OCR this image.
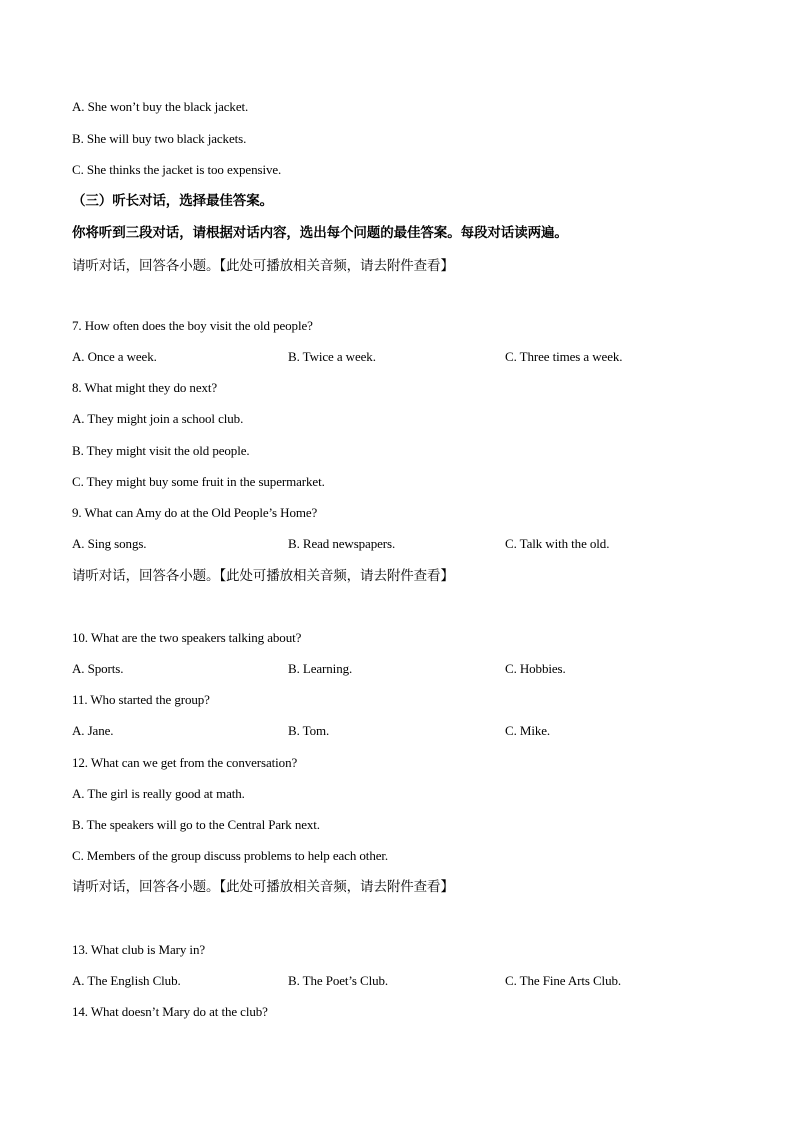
A. She won’t buy the black jacket.
B. She will buy two black jackets.
C. She thinks the jacket is too expensive.
（三）听长对话，选择最佳答案。
你将听到三段对话，请根据对话内容，选出每个问题的最佳答案。每段对话读两遍。
请听对话，回答各小题。【此处可播放相关音频，请去附件查看】
7. How often does the boy visit the old people?
A. Once a week.	B. Twice a week.	C. Three times a week.
8. What might they do next?
A. They might join a school club.
B. They might visit the old people.
C. They might buy some fruit in the supermarket.
9. What can Amy do at the Old People’s Home?
A. Sing songs.	B. Read newspapers.	C. Talk with the old.
请听对话，回答各小题。【此处可播放相关音频，请去附件查看】
10. What are the two speakers talking about?
A. Sports.	B. Learning.	C. Hobbies.
11. Who started the group?
A. Jane.	B. Tom.	C. Mike.
12. What can we get from the conversation?
A. The girl is really good at math.
B. The speakers will go to the Central Park next.
C. Members of the group discuss problems to help each other.
请听对话，回答各小题。【此处可播放相关音频，请去附件查看】
13. What club is Mary in?
A. The English Club.	B. The Poet’s Club.	C. The Fine Arts Club.
14. What doesn’t Mary do at the club?
